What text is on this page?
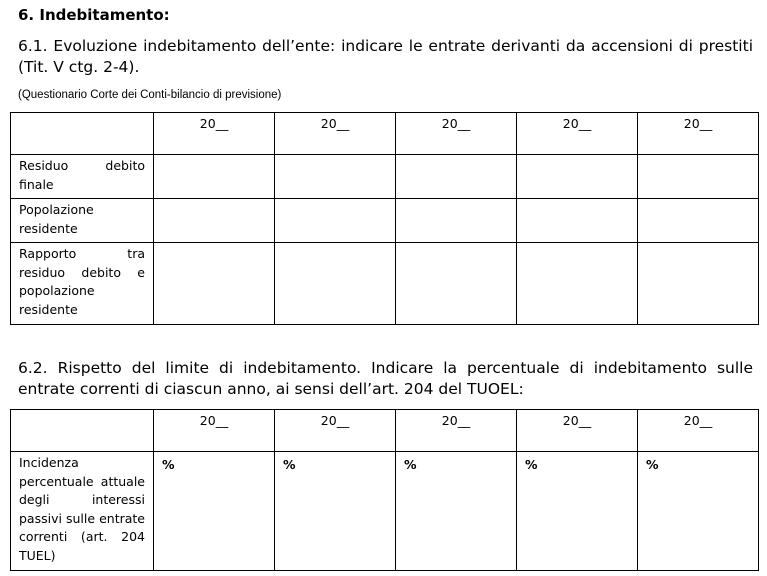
6. Indebitamento:

6.1. Evoluzione indebitamento dell’ente: indicare le entrate derivanti da accensioni di prestiti (Tit. V ctg. 2-4).

(Questionario Corte dei Conti-bilancio di previsione)

	20__	20__	20__	20__	20__
Residuo debito finale					
Popolazione residente					
Rapporto tra residuo debito e popolazione residente					

6.2. Rispetto del limite di indebitamento. Indicare la percentuale di indebitamento sulle entrate correnti di ciascun anno, ai sensi dell’art. 204 del TUOEL:

	20__	20__	20__	20__	20__
Incidenza percentuale attuale degli interessi passivi sulle entrate correnti (art. 204 TUEL)	%	%	%	%	%
